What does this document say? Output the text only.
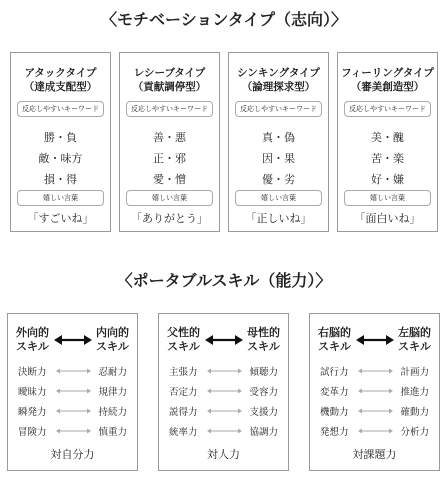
〈モチベーションタイプ（志向）〉
アタックタイプ
（達成支配型）
反応しやすいキーワード
勝・負
敵・味方
損・得
嬉しい言葉
「すごいね」
レシーブタイプ
（貢献調停型）
反応しやすいキーワード
善・悪
正・邪
愛・憎
嬉しい言葉
「ありがとう」
シンキングタイプ
（論理探求型）
反応しやすいキーワード
真・偽
因・果
優・劣
嬉しい言葉
「正しいね」
フィーリングタイプ
（審美創造型）
反応しやすいキーワード
美・醜
苦・楽
好・嫌
嬉しい言葉
「面白いね」
〈ポータブルスキル（能力）〉
外向的
スキル
内向的
スキル
決断力	忍耐力
曖昧力	規律力
瞬発力	持続力
冒険力	慎重力
対自分力
父性的
スキル
母性的
スキル
主張力	傾聴力
否定力	受容力
説得力	支援力
統率力	協調力
対人力
右脳的
スキル
左脳的
スキル
試行力	計画力
変革力	推進力
機動力	確動力
発想力	分析力
対課題力
